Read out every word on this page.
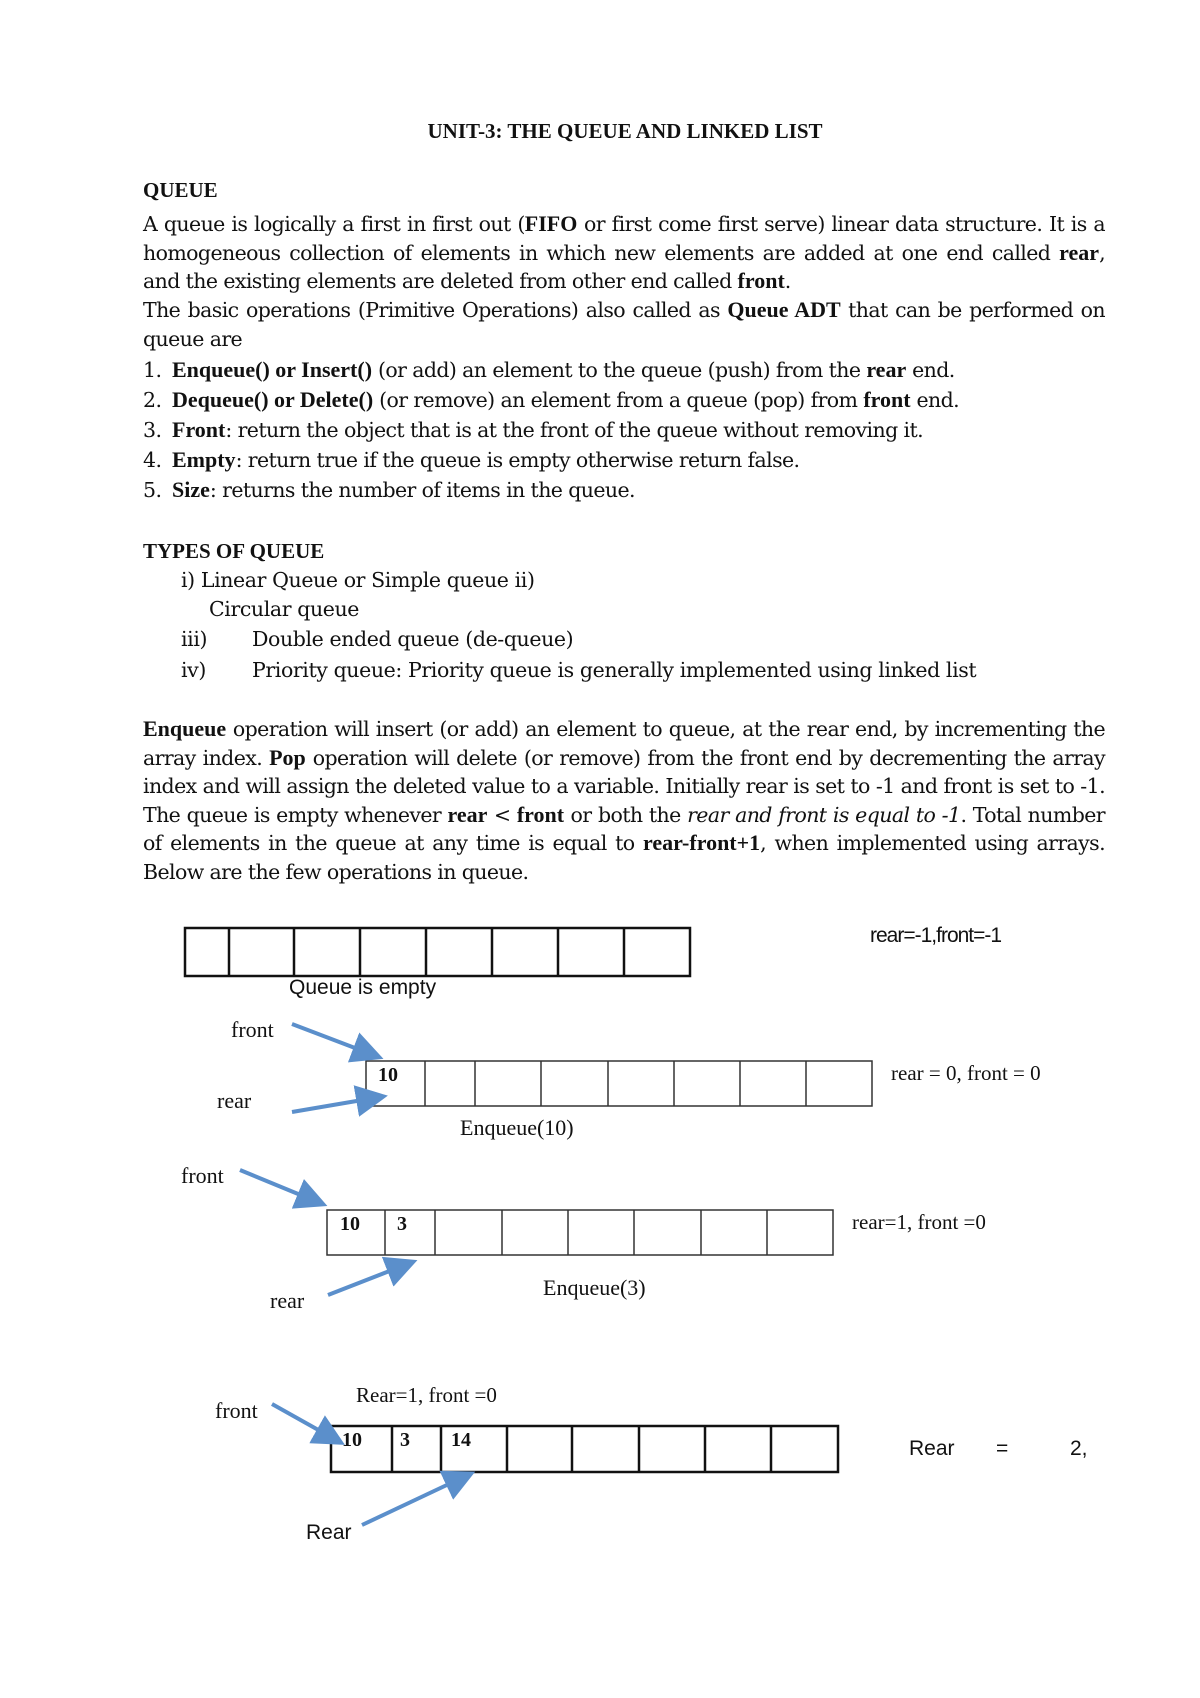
UNIT-3: THE QUEUE AND LINKED LIST
QUEUE
A queue is logically a first in first out (FIFO or first come first serve) linear data structure. It is a homogeneous collection of elements in which new elements are added at one end called rear, and the existing elements are deleted from other end called front.
The basic operations (Primitive Operations) also called as Queue ADT that can be performed on queue are
1. Enqueue() or Insert() (or add) an element to the queue (push) from the rear end.
2. Dequeue() or Delete() (or remove) an element from a queue (pop) from front end.
3. Front: return the object that is at the front of the queue without removing it.
4. Empty: return true if the queue is empty otherwise return false.
5. Size: returns the number of items in the queue.
TYPES OF QUEUE
i) Linear Queue or Simple queue ii)
Circular queue
iii) Double ended queue (de-queue)
iv) Priority queue: Priority queue is generally implemented using linked list
Enqueue operation will insert (or add) an element to queue, at the rear end, by incrementing the array index. Pop operation will delete (or remove) from the front end by decrementing the array index and will assign the deleted value to a variable. Initially rear is set to -1 and front is set to -1. The queue is empty whenever rear < front or both the rear and front is equal to -1. Total number of elements in the queue at any time is equal to rear-front+1, when implemented using arrays. Below are the few operations in queue.
rear=-1,front=-1
Queue is empty
front
rear
10	rear = 0, front = 0
Enqueue(10)
front
rear
10 3	rear=1, front =0
Enqueue(3)
Rear=1, front =0
front
Rear
10 3 14	Rear =	2,
